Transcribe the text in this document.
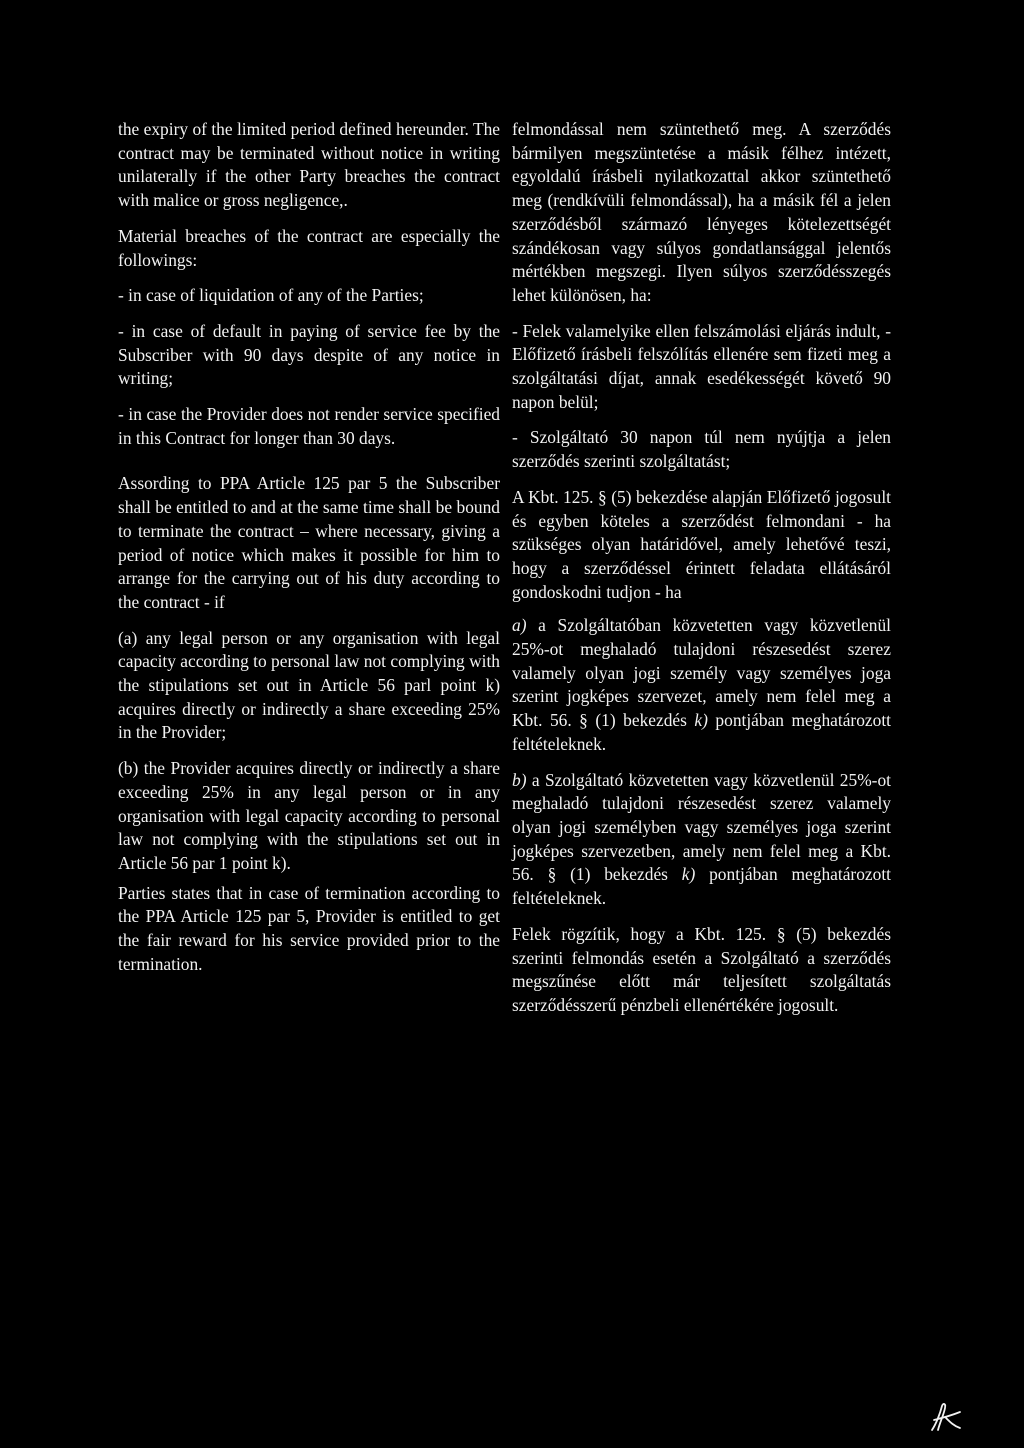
the expiry of the limited period defined hereunder. The contract may be terminated without notice in writing unilaterally if the other Party breaches the contract with malice or gross negligence,.

Material breaches of the contract are especially the followings:

- in case of liquidation of any of the Parties;

- in case of default in paying of service fee by the Subscriber with 90 days despite of any notice in writing;

- in case the Provider does not render service specified in this Contract for longer than 30 days.

Assording to PPA Article 125 par 5 the Subscriber shall be entitled to and at the same time shall be bound to terminate the contract – where necessary, giving a period of notice which makes it possible for him to arrange for the carrying out of his duty according to the contract - if

(a) any legal person or any organisation with legal capacity according to personal law not complying with the stipulations set out in Article 56 parl point k) acquires directly or indirectly a share exceeding 25% in the Provider;

(b) the Provider acquires directly or indirectly a share exceeding 25% in any legal person or in any organisation with legal capacity according to personal law not complying with the stipulations set out in Article 56 par 1 point k).

Parties states that in case of termination according to the PPA Article 125 par 5, Provider is entitled to get the fair reward for his service provided prior to the termination.

felmondással nem szüntethető meg. A szerződés bármilyen megszüntetése a másik félhez intézett, egyoldalú írásbeli nyilatkozattal akkor szüntethető meg (rendkívüli felmondással), ha a másik fél a jelen szerződésből származó lényeges kötelezettségét szándékosan vagy súlyos gondatlansággal jelentős mértékben megszegi. Ilyen súlyos szerződésszegés lehet különösen, ha:

- Felek valamelyike ellen felszámolási eljárás indult, - Előfizető írásbeli felszólítás ellenére sem fizeti meg a szolgáltatási díjat, annak esedékességét követő 90 napon belül;

- Szolgáltató 30 napon túl nem nyújtja a jelen szerződés szerinti szolgáltatást;

A Kbt. 125. § (5) bekezdése alapján Előfizető jogosult és egyben köteles a szerződést felmondani - ha szükséges olyan határidővel, amely lehetővé teszi, hogy a szerződéssel érintett feladata ellátásáról gondoskodni tudjon - ha

a) a Szolgáltatóban közvetetten vagy közvetlenül 25%-ot meghaladó tulajdoni részesedést szerez valamely olyan jogi személy vagy személyes joga szerint jogképes szervezet, amely nem felel meg a Kbt. 56. § (1) bekezdés k) pontjában meghatározott feltételeknek.

b) a Szolgáltató közvetetten vagy közvetlenül 25%-ot meghaladó tulajdoni részesedést szerez valamely olyan jogi személyben vagy személyes joga szerint jogképes szervezetben, amely nem felel meg a Kbt. 56. § (1) bekezdés k) pontjában meghatározott feltételeknek.

Felek rögzítik, hogy a Kbt. 125. § (5) bekezdés szerinti felmondás esetén a Szolgáltató a szerződés megszűnése előtt már teljesített szolgáltatás szerződésszerű pénzbeli ellenértékére jogosult.
